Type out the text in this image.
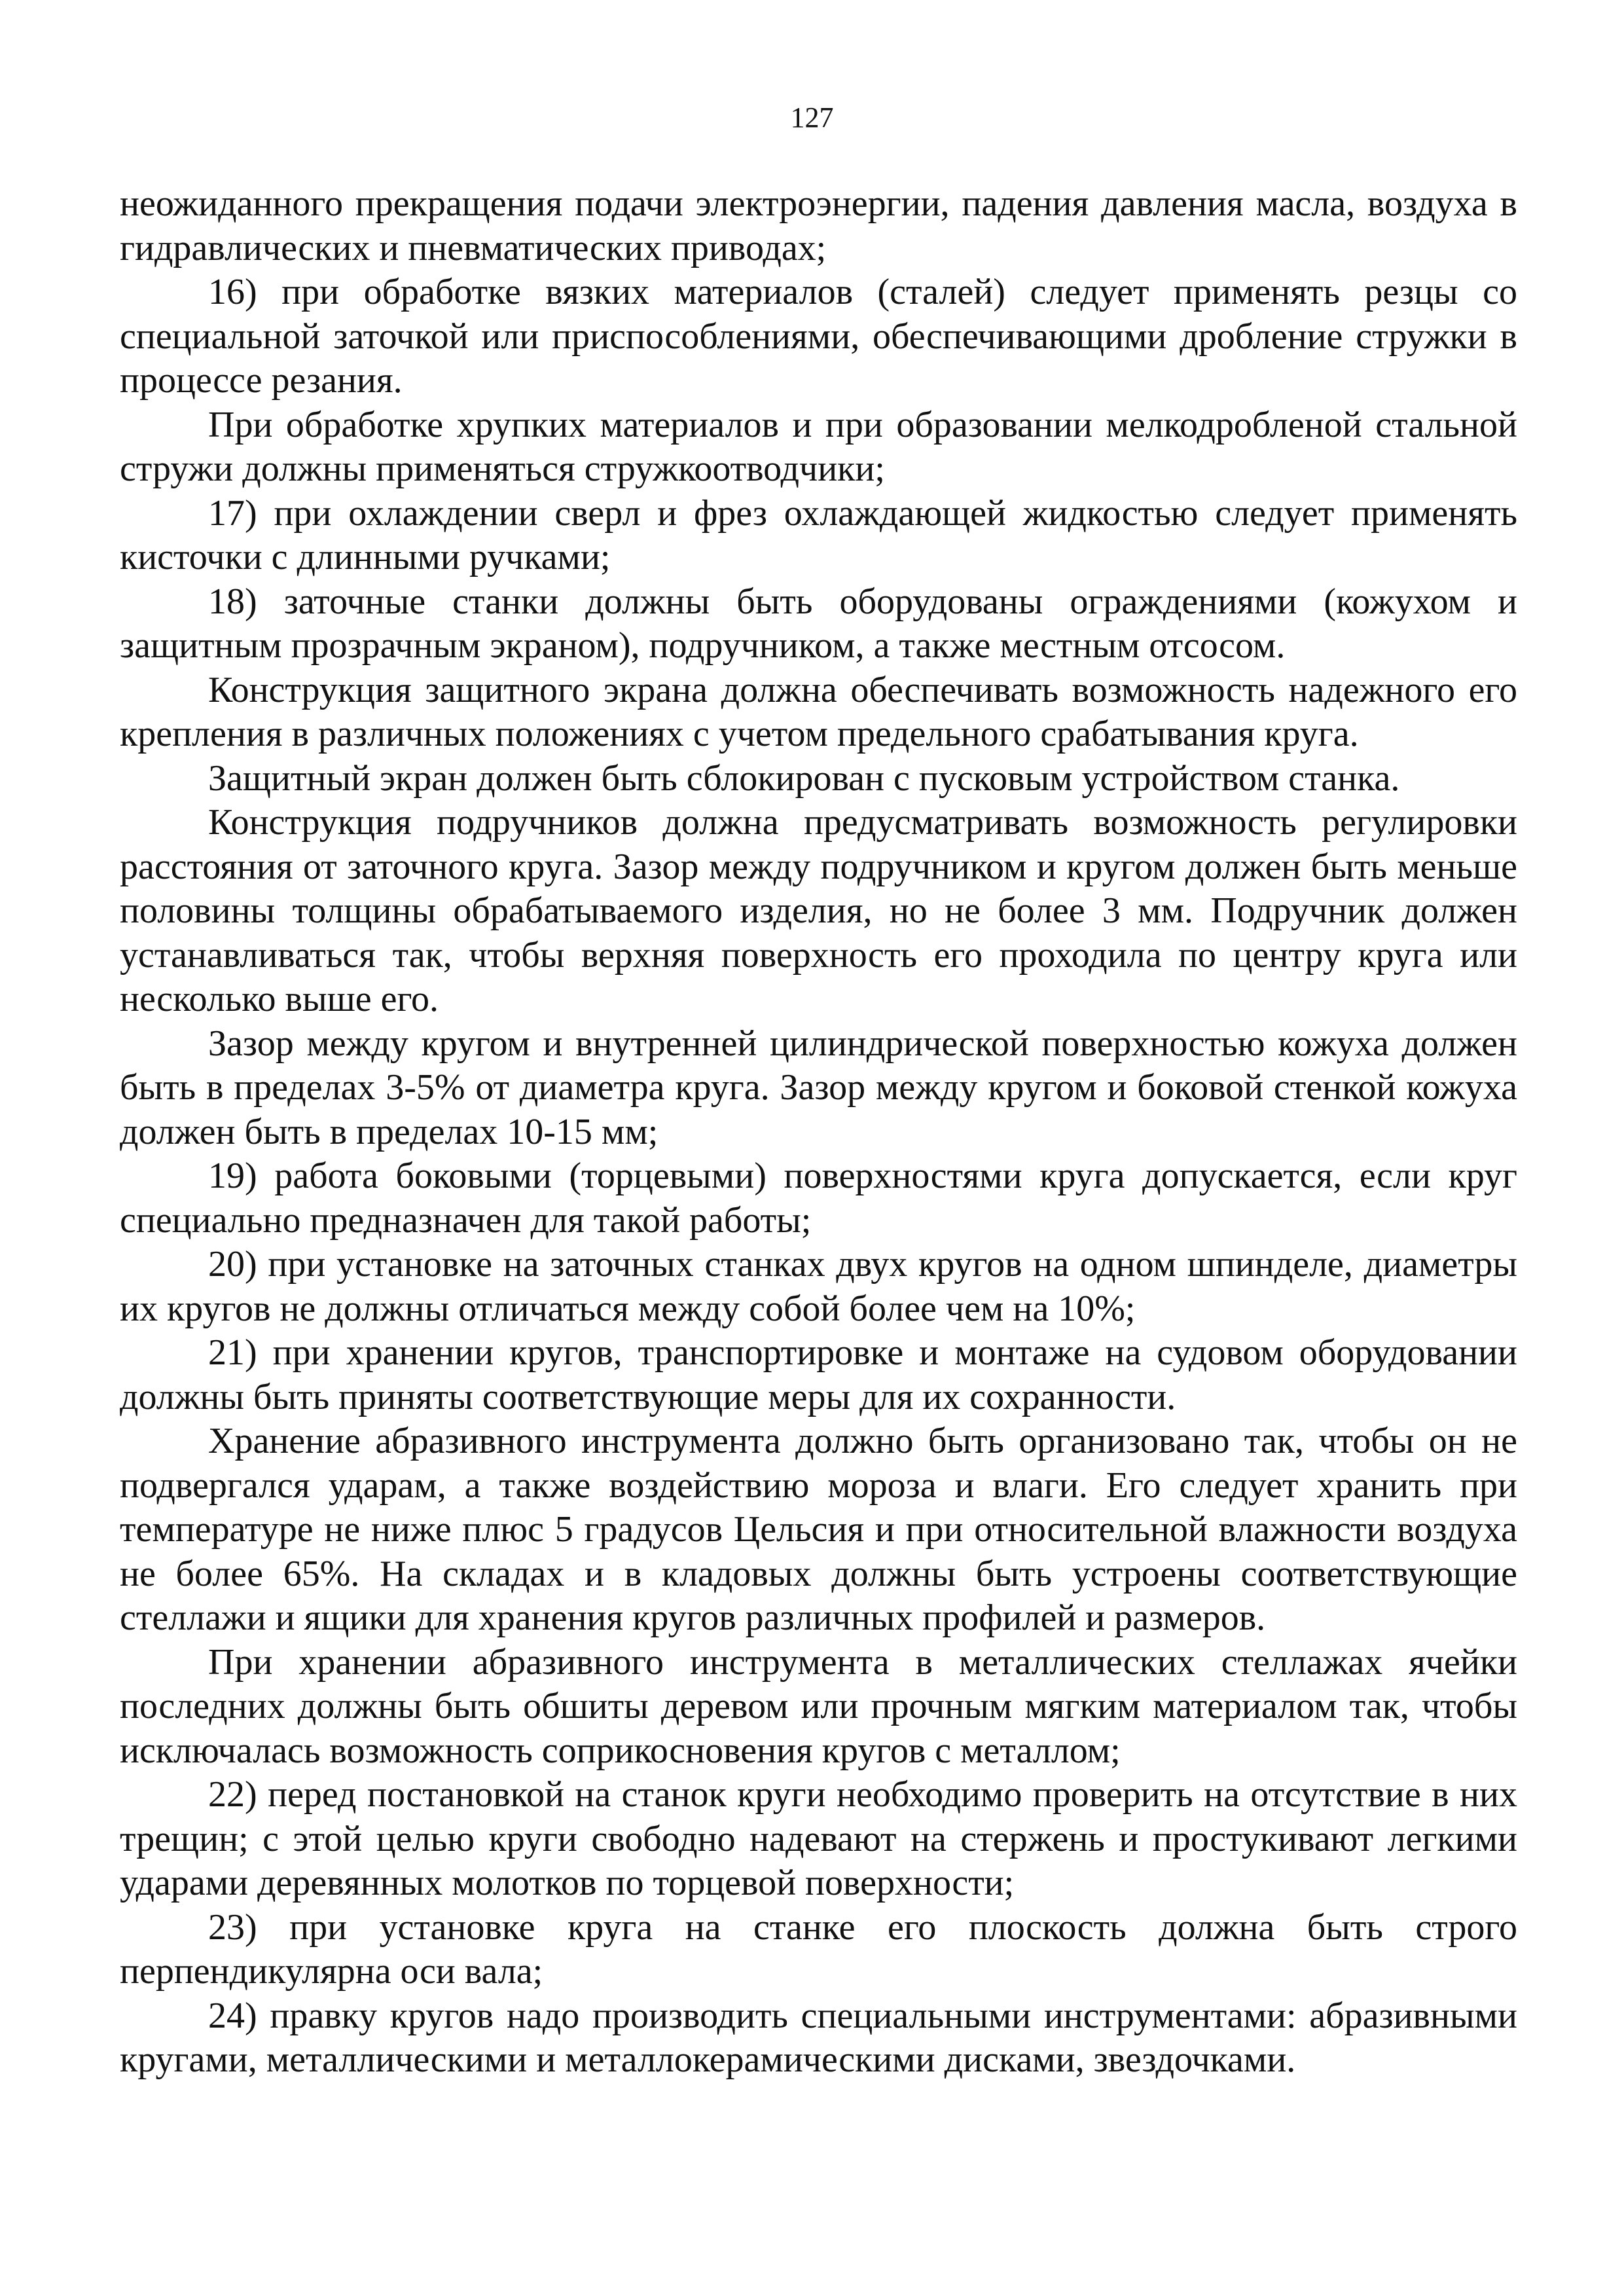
127

неожиданного прекращения подачи электроэнергии, падения давления масла, воздуха в гидравлических и пневматических приводах;

16) при обработке вязких материалов (сталей) следует применять резцы со специальной заточкой или приспособлениями, обеспечивающими дробление стружки в процессе резания.

При обработке хрупких материалов и при образовании мелкодробленой стальной стружи должны применяться стружкоотводчики;

17) при охлаждении сверл и фрез охлаждающей жидкостью следует применять кисточки с длинными ручками;

18) заточные станки должны быть оборудованы ограждениями (кожухом и защитным прозрачным экраном), подручником, а также местным отсосом.

Конструкция защитного экрана должна обеспечивать возможность надежного его крепления в различных положениях с учетом предельного срабатывания круга.

Защитный экран должен быть сблокирован с пусковым устройством станка.

Конструкция подручников должна предусматривать возможность регулировки расстояния от заточного круга. Зазор между подручником и кругом должен быть меньше половины толщины обрабатываемого изделия, но не более 3 мм. Подручник должен устанавливаться так, чтобы верхняя поверхность его проходила по центру круга или несколько выше его.

Зазор между кругом и внутренней цилиндрической поверхностью кожуха должен быть в пределах 3-5% от диаметра круга. Зазор между кругом и боковой стенкой кожуха должен быть в пределах 10-15 мм;

19) работа боковыми (торцевыми) поверхностями круга допускается, если круг специально предназначен для такой работы;

20) при установке на заточных станках двух кругов на одном шпинделе, диаметры их кругов не должны отличаться между собой более чем на 10%;

21) при хранении кругов, транспортировке и монтаже на судовом оборудовании должны быть приняты соответствующие меры для их сохранности.

Хранение абразивного инструмента должно быть организовано так, чтобы он не подвергался ударам, а также воздействию мороза и влаги. Его следует хранить при температуре не ниже плюс 5 градусов Цельсия и при относительной влажности воздуха не более 65%. На складах и в кладовых должны быть устроены соответствующие стеллажи и ящики для хранения кругов различных профилей и размеров.

При хранении абразивного инструмента в металлических стеллажах ячейки последних должны быть обшиты деревом или прочным мягким материалом так, чтобы исключалась возможность соприкосновения кругов с металлом;

22) перед постановкой на станок круги необходимо проверить на отсутствие в них трещин; с этой целью круги свободно надевают на стержень и простукивают легкими ударами деревянных молотков по торцевой поверхности;

23) при установке круга на станке его плоскость должна быть строго перпендикулярна оси вала;

24) правку кругов надо производить специальными инструментами: абразивными кругами, металлическими и металлокерамическими дисками, звездочками.
